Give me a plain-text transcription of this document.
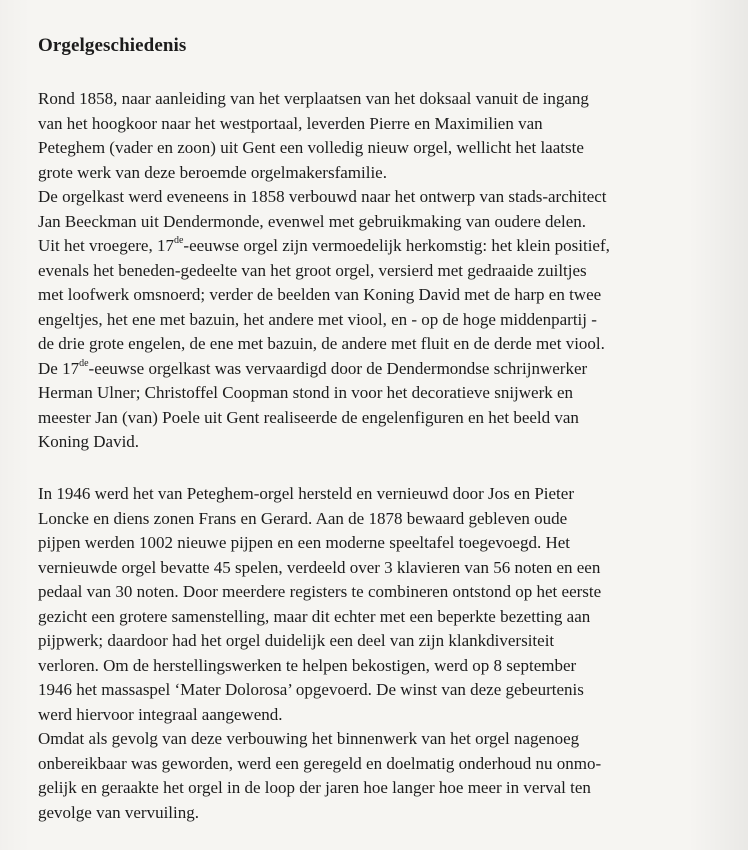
Orgelgeschiedenis
Rond 1858, naar aanleiding van het verplaatsen van het doksaal vanuit de ingang
van het hoogkoor naar het westportaal, leverden Pierre en Maximilien van
Peteghem (vader en zoon) uit Gent een volledig nieuw orgel, wellicht het laatste
grote werk van deze beroemde orgelmakersfamilie.
De orgelkast werd eveneens in 1858 verbouwd naar het ontwerp van stads-architect
Jan Beeckman uit Dendermonde, evenwel met gebruikmaking van oudere delen.
Uit het vroegere, 17de-eeuwse orgel zijn vermoedelijk herkomstig: het klein positief,
evenals het beneden-gedeelte van het groot orgel, versierd met gedraaide zuiltjes
met loofwerk omsnoerd; verder de beelden van Koning David met de harp en twee
engeltjes, het ene met bazuin, het andere met viool, en - op de hoge middenpartij -
de drie grote engelen, de ene met bazuin, de andere met fluit en de derde met viool.
De 17de-eeuwse orgelkast was vervaardigd door de Dendermondse schrijnwerker
Herman Ulner; Christoffel Coopman stond in voor het decoratieve snijwerk en
meester Jan (van) Poele uit Gent realiseerde de engelenfiguren en het beeld van
Koning David.
In 1946 werd het van Peteghem-orgel hersteld en vernieuwd door Jos en Pieter
Loncke en diens zonen Frans en Gerard. Aan de 1878 bewaard gebleven oude
pijpen werden 1002 nieuwe pijpen en een moderne speeltafel toegevoegd. Het
vernieuwde orgel bevatte 45 spelen, verdeeld over 3 klavieren van 56 noten en een
pedaal van 30 noten. Door meerdere registers te combineren ontstond op het eerste
gezicht een grotere samenstelling, maar dit echter met een beperkte bezetting aan
pijpwerk; daardoor had het orgel duidelijk een deel van zijn klankdiversiteit
verloren. Om de herstellingswerken te helpen bekostigen, werd op 8 september
1946 het massaspel ‘Mater Dolorosa’ opgevoerd. De winst van deze gebeurtenis
werd hiervoor integraal aangewend.
Omdat als gevolg van deze verbouwing het binnenwerk van het orgel nagenoeg
onbereikbaar was geworden, werd een geregeld en doelmatig onderhoud nu onmo-
gelijk en geraakte het orgel in de loop der jaren hoe langer hoe meer in verval ten
gevolge van vervuiling.
